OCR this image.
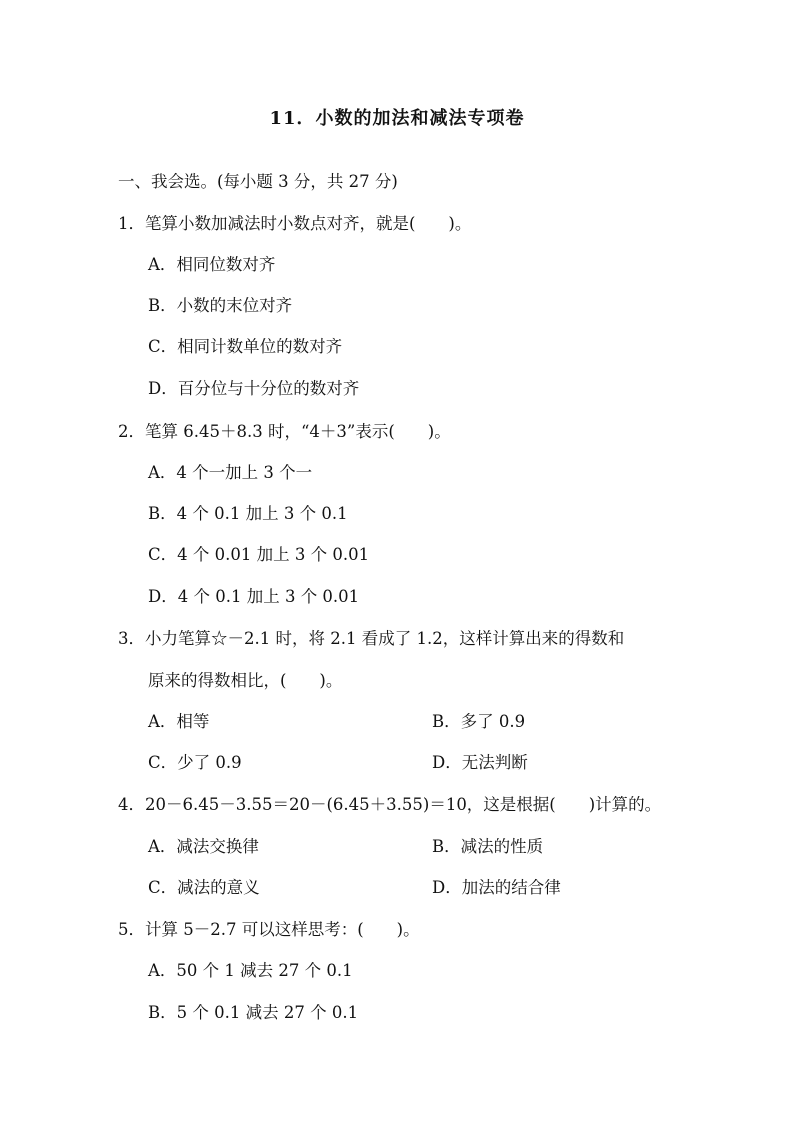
11．小数的加法和减法专项卷
一、我会选。(每小题 3 分，共 27 分)
1．笔算小数加减法时小数点对齐，就是(　　)。
A．相同位数对齐
B．小数的末位对齐
C．相同计数单位的数对齐
D．百分位与十分位的数对齐
2．笔算 6.45＋8.3 时，“4＋3”表示(　　)。
A．4 个一加上 3 个一
B．4 个 0.1 加上 3 个 0.1
C．4 个 0.01 加上 3 个 0.01
D．4 个 0.1 加上 3 个 0.01
3．小力笔算☆－2.1 时，将 2.1 看成了 1.2，这样计算出来的得数和
原来的得数相比，(　　)。
A．相等	B．多了 0.9
C．少了 0.9	D．无法判断
4．20－6.45－3.55＝20－(6.45＋3.55)＝10，这是根据(　　)计算的。
A．减法交换律	B．减法的性质
C．减法的意义	D．加法的结合律
5．计算 5－2.7 可以这样思考：(　　)。
A．50 个 1 减去 27 个 0.1
B．5 个 0.1 减去 27 个 0.1
